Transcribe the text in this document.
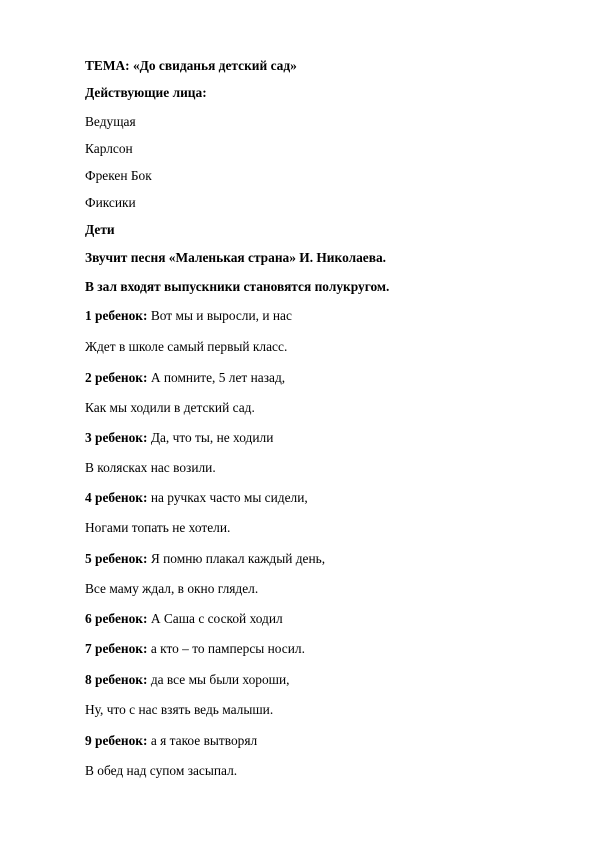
ТЕМА: «До свиданья детский сад»
Действующие лица:
Ведущая
Карлсон
Фрекен Бок
Фиксики
Дети
Звучит песня «Маленькая страна» И. Николаева.
В зал входят выпускники становятся полукругом.
1 ребенок: Вот мы и выросли, и нас
Ждет в школе самый первый класс.
2 ребенок: А помните, 5 лет назад,
Как мы ходили в детский сад.
3 ребенок: Да, что ты, не ходили
В колясках нас возили.
4 ребенок: на ручках часто мы сидели,
Ногами топать не хотели.
5 ребенок: Я помню плакал каждый день,
Все маму ждал, в окно глядел.
6 ребенок: А Саша с соской ходил
7 ребенок: а кто – то памперсы носил.
8 ребенок: да все мы были хороши,
Ну, что с нас взять ведь малыши.
9 ребенок: а я такое вытворял
В обед над супом засыпал.
